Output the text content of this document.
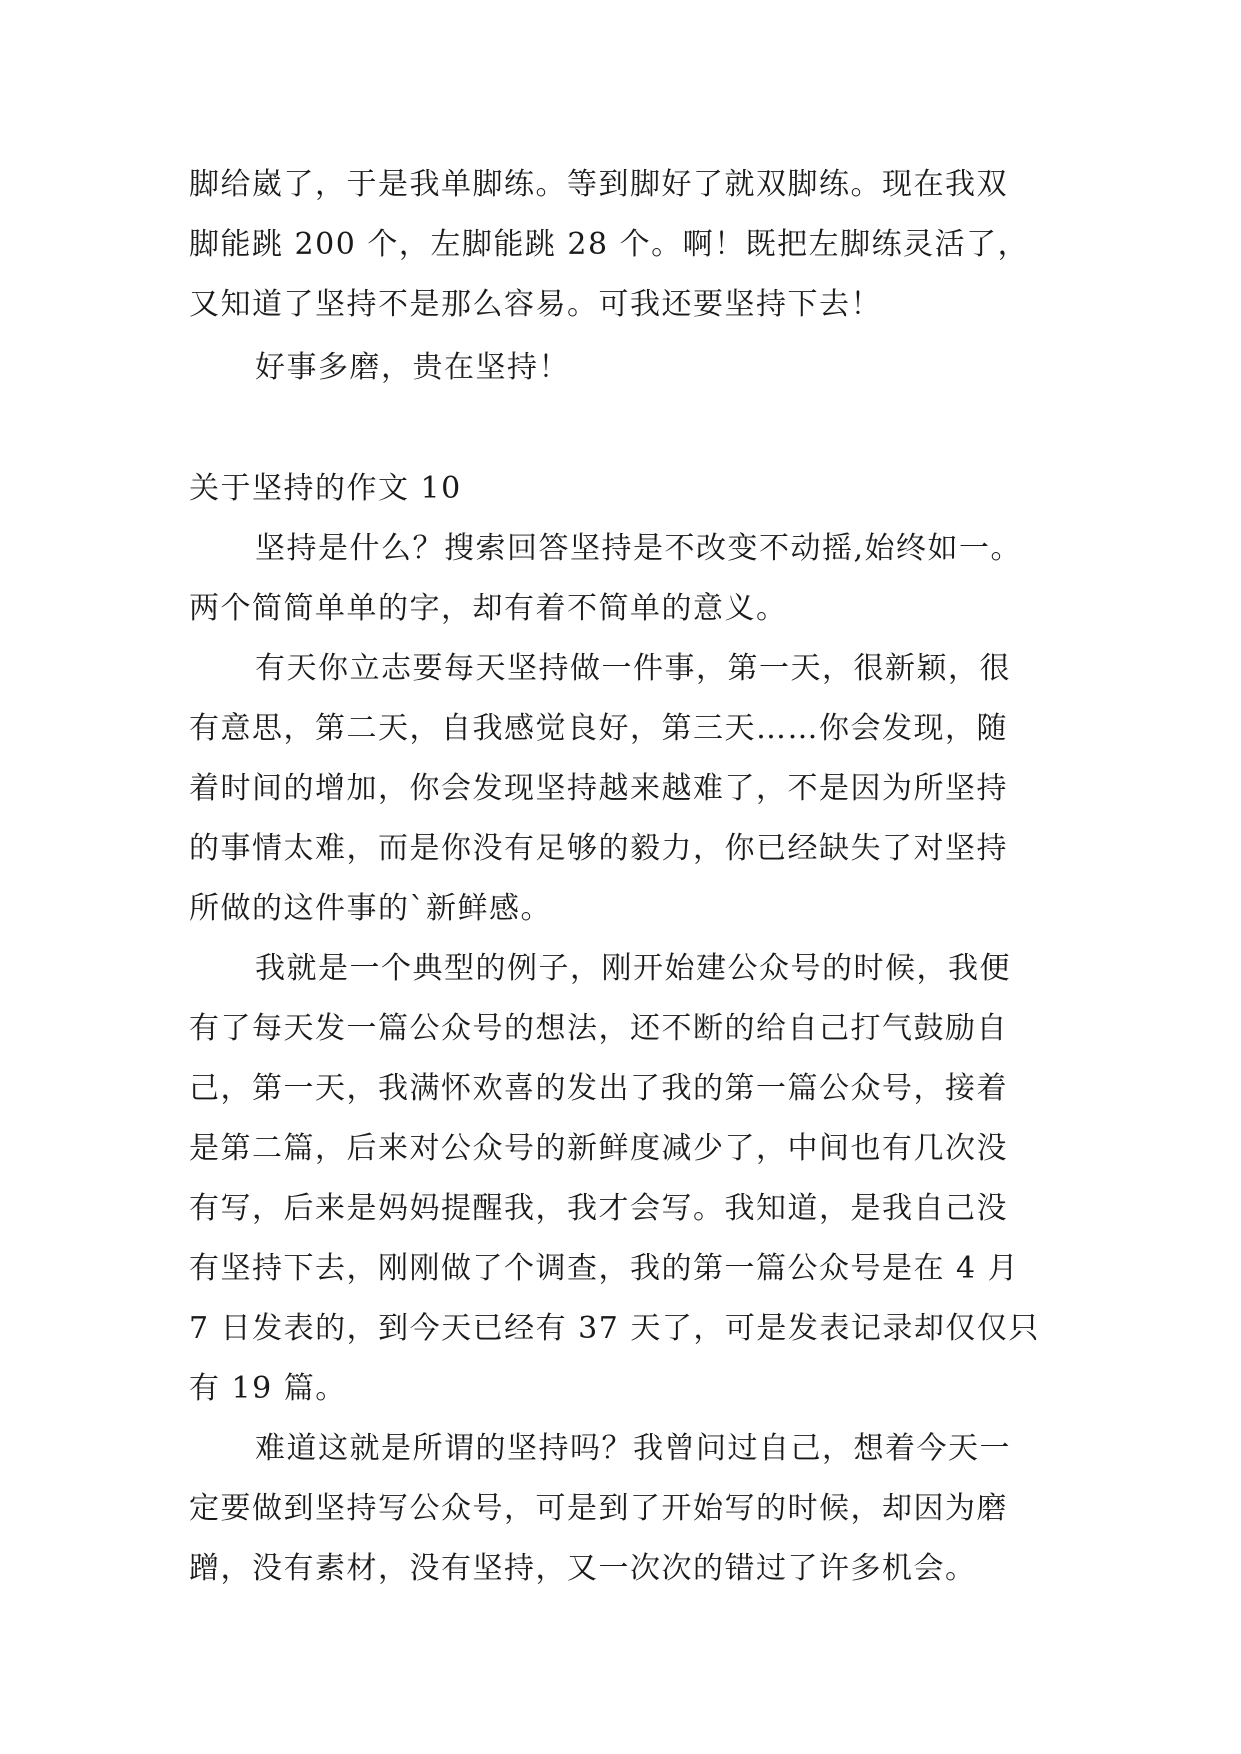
脚给崴了，于是我单脚练。等到脚好了就双脚练。现在我双
脚能跳 200 个，左脚能跳 28 个。啊！既把左脚练灵活了，
又知道了坚持不是那么容易。可我还要坚持下去！
好事多磨，贵在坚持！
关于坚持的作文 10
坚持是什么？搜索回答坚持是不改变不动摇,始终如一。
两个简简单单的字，却有着不简单的意义。
有天你立志要每天坚持做一件事，第一天，很新颖，很
有意思，第二天，自我感觉良好，第三天……你会发现，随
着时间的增加，你会发现坚持越来越难了，不是因为所坚持
的事情太难，而是你没有足够的毅力，你已经缺失了对坚持
所做的这件事的`新鲜感。
我就是一个典型的例子，刚开始建公众号的时候，我便
有了每天发一篇公众号的想法，还不断的给自己打气鼓励自
己，第一天，我满怀欢喜的发出了我的第一篇公众号，接着
是第二篇，后来对公众号的新鲜度减少了，中间也有几次没
有写，后来是妈妈提醒我，我才会写。我知道，是我自己没
有坚持下去，刚刚做了个调查，我的第一篇公众号是在 4 月
7 日发表的，到今天已经有 37 天了，可是发表记录却仅仅只
有 19 篇。
难道这就是所谓的坚持吗？我曾问过自己，想着今天一
定要做到坚持写公众号，可是到了开始写的时候，却因为磨
蹭，没有素材，没有坚持，又一次次的错过了许多机会。
